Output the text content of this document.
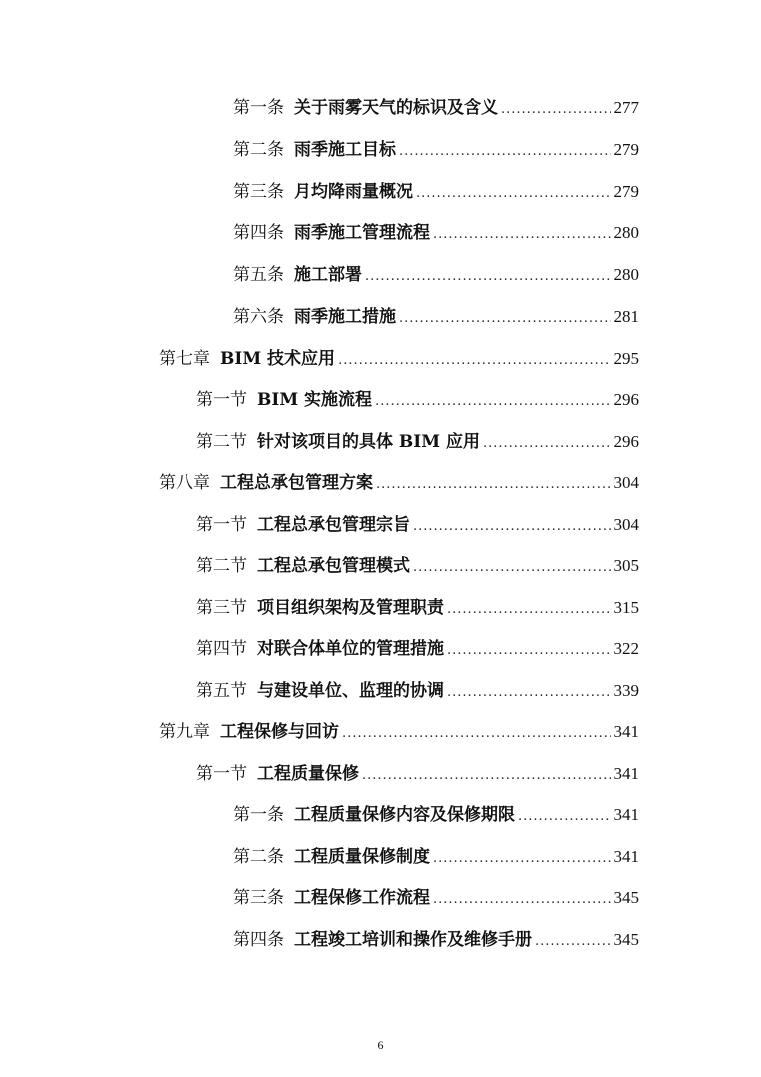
第一条 关于雨雾天气的标识及含义 .....	277
第二条 雨季施工目标 .....	279
第三条 月均降雨量概况 .....	279
第四条 雨季施工管理流程 .....	280
第五条 施工部署 .....	280
第六条 雨季施工措施 .....	281
第七章 BIM 技术应用 .....	295
第一节 BIM 实施流程 .....	296
第二节 针对该项目的具体 BIM 应用 .....	296
第八章 工程总承包管理方案 .....	304
第一节 工程总承包管理宗旨 .....	304
第二节 工程总承包管理模式 .....	305
第三节 项目组织架构及管理职责 .....	315
第四节 对联合体单位的管理措施 .....	322
第五节 与建设单位、监理的协调 .....	339
第九章 工程保修与回访 .....	341
第一节 工程质量保修 .....	341
第一条 工程质量保修内容及保修期限 .....	341
第二条 工程质量保修制度 .....	341
第三条 工程保修工作流程 .....	345
第四条 工程竣工培训和操作及维修手册 .....	345
6
